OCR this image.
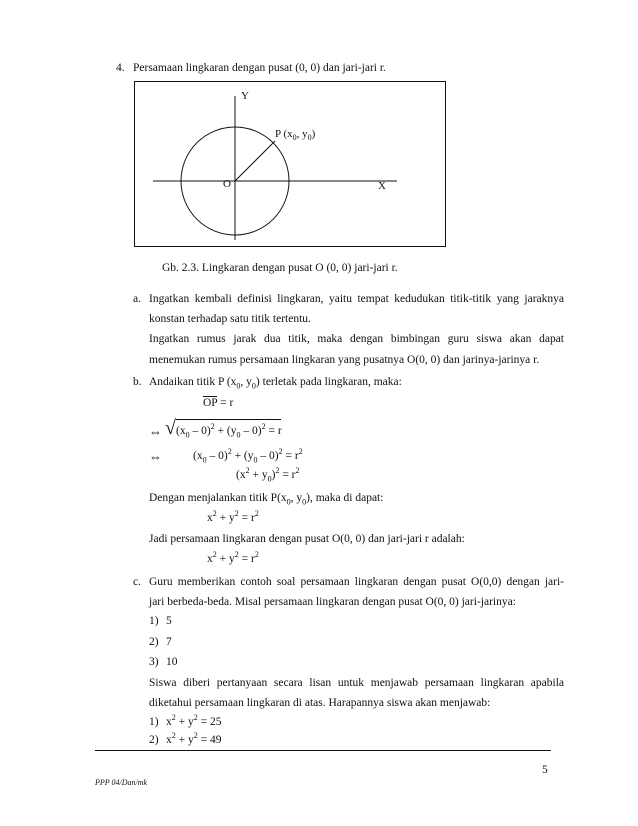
4. Persamaan lingkaran dengan pusat (0, 0) dan jari-jari r.
Y
X
O
P ($x_0$, $y_0$)
Gb. 2.3. Lingkaran dengan pusat O (0, 0) jari-jari r.
a. Ingatkan kembali definisi lingkaran, yaitu tempat kedudukan titik-titik yang jaraknya
konstan terhadap satu titik tertentu.
Ingatkan rumus jarak dua titik, maka dengan bimbingan guru siswa akan dapat
menemukan rumus persamaan lingkaran yang pusatnya O(0, 0) dan jarinya-jarinya r.
b. Andaikan titik P ($x_0$, $y_0$) terletak pada lingkaran, maka:
OP = r
⇔ √ $(x_0 - 0)^2 + (y_0 - 0)^2 = r$
⇔	$(x_0 - 0)^2 + (y_0 - 0)^2 = r^2$
$(x^2 + y_0)^2 = r^2$
Dengan menjalankan titik $P(x_0$, $y_0$), maka di dapat:
$x^2 + y^2 = r^2$
Jadi persamaan lingkaran dengan pusat O(0, 0) dan jari-jari r adalah:
$x^2 + y^2 = r^2$
c. Guru memberikan contoh soal persamaan lingkaran dengan pusat O(0,0) dengan jari-
jari berbeda-beda. Misal persamaan lingkaran dengan pusat O(0, 0) jari-jarinya:
1) 5
2) 7
3) 10
Siswa diberi pertanyaan secara lisan untuk menjawab persamaan lingkaran apabila
diketahui persamaan lingkaran di atas. Harapannya siswa akan menjawab:
1) $x^2 + y^2 = 25$
2) $x^2 + y^2 = 49$
5
PPP 04/Dan/mk
